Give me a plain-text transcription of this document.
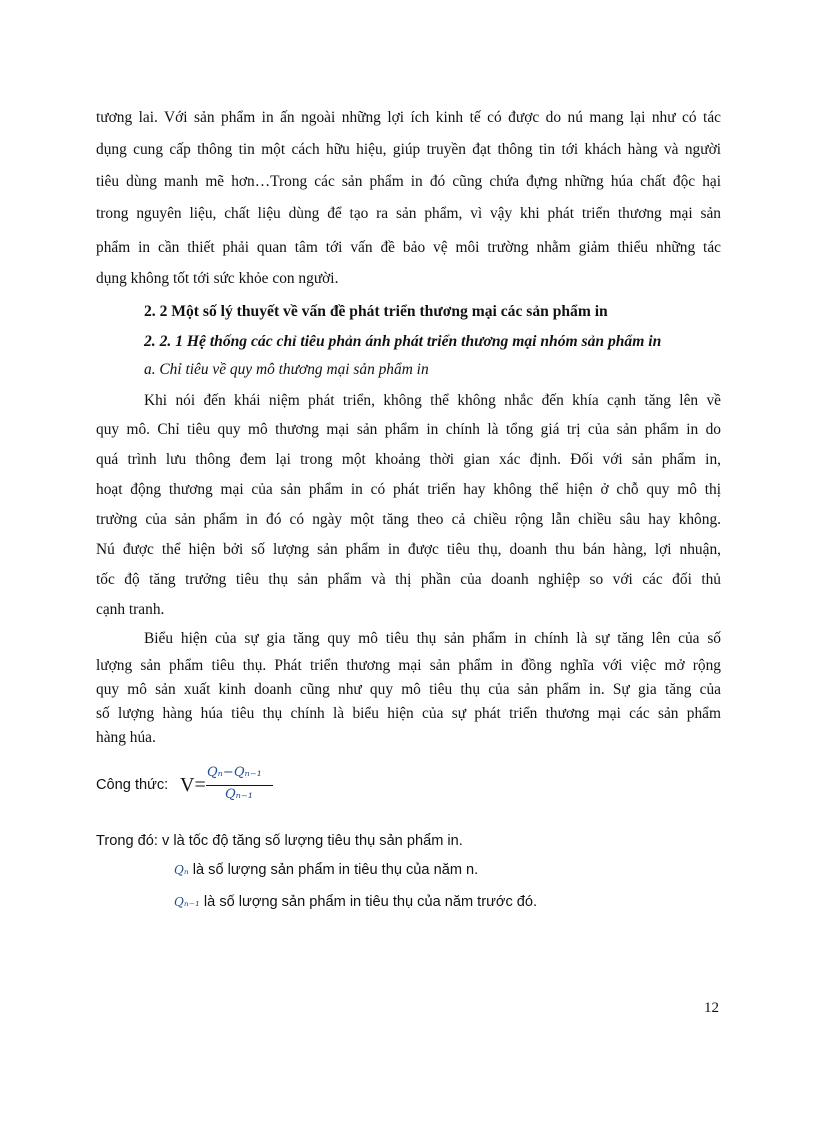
tương lai. Với sản phẩm in ấn ngoài những lợi ích kinh tế có được do nú mang lại như có tác
dụng cung cấp thông tin một cách hữu hiệu, giúp truyền đạt thông tin tới khách hàng và người
tiêu dùng manh mẽ hơn…Trong các sản phẩm in đó cũng chứa đựng những húa chất độc hại
trong nguyên liệu, chất liệu dùng để tạo ra sản phẩm, vì vậy khi phát triển thương mại sản
phẩm in cần thiết phải quan tâm tới vấn đề bảo vệ môi trường nhằm giảm thiểu những tác
dụng không tốt tới sức khỏe con người.
2. 2 Một số lý thuyết về vấn đề phát triển thương mại các sản phẩm in
2. 2. 1 Hệ thống các chỉ tiêu phản ánh phát triển thương mại nhóm sản phẩm in
a. Chỉ tiêu về quy mô thương mại sản phẩm in
Khi nói đến khái niệm phát triển, không thể không nhắc đến khía cạnh tăng lên về
quy mô. Chỉ tiêu quy mô thương mại sản phẩm in chính là tổng giá trị của sản phẩm in do
quá trình lưu thông đem lại trong một khoảng thời gian xác định. Đối với sản phẩm in,
hoạt động thương mại của sản phẩm in có phát triển hay không thể hiện ở chỗ quy mô thị
trường của sản phẩm in đó có ngày một tăng theo cả chiều rộng lẫn chiều sâu hay không.
Nú được thể hiện bởi số lượng sản phẩm in được tiêu thụ, doanh thu bán hàng, lợi nhuận,
tốc độ tăng trưởng tiêu thụ sản phẩm và thị phần của doanh nghiệp so với các đối thủ
cạnh tranh.
Biểu hiện của sự gia tăng quy mô tiêu thụ sản phẩm in chính là sự tăng lên của số
lượng sản phẩm tiêu thụ. Phát triển thương mại sản phẩm in đồng nghĩa với việc mở rộng
quy mô sản xuất kinh doanh cũng như quy mô tiêu thụ của sản phẩm in. Sự gia tăng của
số lượng hàng húa tiêu thụ chính là biểu hiện của sự phát triển thương mại các sản phẩm
hàng húa.
Công thức: V=
Qₙ−Qₙ₋₁
Qₙ₋₁
Trong đó: v là tốc độ tăng số lượng tiêu thụ sản phẩm in.
Qₙ là số lượng sản phẩm in tiêu thụ của năm n.
Qₙ₋₁ là số lượng sản phẩm in tiêu thụ của năm trước đó.
12
